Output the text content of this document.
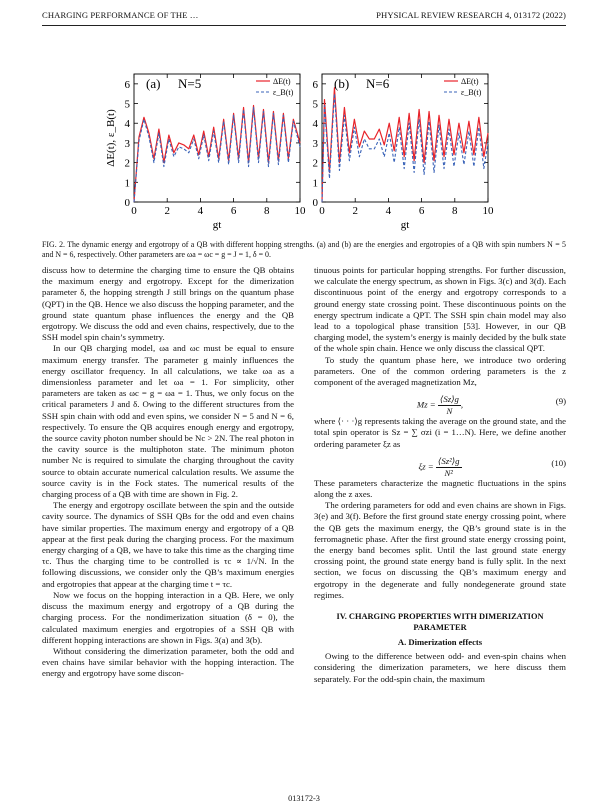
CHARGING PERFORMANCE OF THE …	PHYSICAL REVIEW RESEARCH 4, 013172 (2022)
ΔE(t), ε_B(t)
0	2	4	6	8 10
0
1
2
3
4
5
6
gt
(a) N=5	ΔE(t)
ε_B(t)
0	2	4	6	8 10
0
1
2
3
4
5
6
gt
(b) N=6	ΔE(t)
ε_B(t)
FIG. 2. The dynamic energy and ergotropy of a QB with different hopping strengths. (a) and (b) are the energies and ergotropies of a QB with spin numbers N = 5 and N = 6, respectively. Other parameters are ωa = ωc = g = J = 1, δ = 0.

discuss how to determine the charging time to ensure the QB obtains the maximum energy and ergotropy. Except for the dimerization parameter δ, the hopping strength J still brings on the quantum phase (QPT) in the QB. Hence we also discuss the hopping parameter, and the ground state quantum phase influences the energy and the QB ergotropy. We discuss the odd and even chains, respectively, due to the SSH model spin chain’s symmetry.

In our QB charging model, ωa and ωc must be equal to ensure maximum energy transfer. The parameter g mainly influences the energy oscillator frequency. In all calculations, we take ωa as a dimensionless parameter and let ωa = 1. For simplicity, other parameters are taken as ωc = g = ωa = 1. Thus, we only focus on the critical parameters J and δ. Owing to the different structures from the SSH spin chain with odd and even spins, we consider N = 5 and N = 6, respectively. To ensure the QB acquires enough energy and ergotropy, the source cavity photon number should be Nc > 2N. The real photon in the cavity source is the multiphoton state. The minimum photon number Nc is required to simulate the charging throughout the cavity source to obtain accurate numerical calculation results. We assume the source cavity is in the Fock states. The numerical results of the charging process of a QB with time are shown in Fig. 2.

The energy and ergotropy oscillate between the spin and the outside cavity source. The dynamics of SSH QBs for the odd and even chains have similar properties. The maximum energy and ergotropy of a QB appear at the first peak during the charging process. For the maximum energy charging of a QB, we have to take this time as the charging time τc. Thus the charging time to be controlled is τc ∝ 1/√N. In the following discussions, we consider only the QB’s maximum energies and ergotropies that appear at the charging time t = τc.

Now we focus on the hopping interaction in a QB. Here, we only discuss the maximum energy and ergotropy of a QB during the charging process. For the nondimerization situation (δ = 0), the calculated maximum energies and ergotropies of a SSH QB with different hopping interactions are shown in Figs. 3(a) and 3(b).

Without considering the dimerization parameter, both the odd and even chains have similar behavior with the hopping interaction. The energy and ergotropy have some discon-

tinuous points for particular hopping strengths. For further discussion, we calculate the energy spectrum, as shown in Figs. 3(c) and 3(d). Each discontinuous point of the energy and ergotropy corresponds to a ground energy state crossing point. These discontinuous points on the energy spectrum indicate a QPT. The SSH spin chain model may also lead to a topological phase transition [53]. However, in our QB charging model, the system’s energy is mainly decided by the bulk state of the whole spin chain. Hence we only discuss the classical QPT.

To study the quantum phase here, we introduce two ordering parameters. One of the common ordering parameters is the z component of the averaged magnetization Mz,

$Mz = \frac{⟨Sz⟩g}{N}$ ,	(9)

where ⟨· · ·⟩g represents taking the average on the ground state, and the total spin operator is Sz = ∑ σzi (i = 1…N). Here, we define another ordering parameter ξz as

$\xi z = \frac{\text{⟨Sz²⟩g}}{\text{N²}}$	(10)

These parameters characterize the magnetic fluctuations in the spins along the z axes.

The ordering parameters for odd and even chains are shown in Figs. 3(e) and 3(f). Before the first ground state energy crossing point, where the QB gets the maximum energy, the QB’s ground state is in the ferromagnetic phase. After the first ground state energy crossing point, the energy band becomes split. Until the last ground state energy crossing point, the ground state energy band is fully split. In the next section, we focus on discussing the QB’s maximum energy and ergotropy in the degenerate and fully nondegenerate ground state regimes.

IV. CHARGING PROPERTIES WITH DIMERIZATION PARAMETER
A. Dimerization effects

Owing to the difference between odd- and even-spin chains when considering the dimerization parameters, we here discuss them separately. For the odd-spin chain, the maximum

013172-3
